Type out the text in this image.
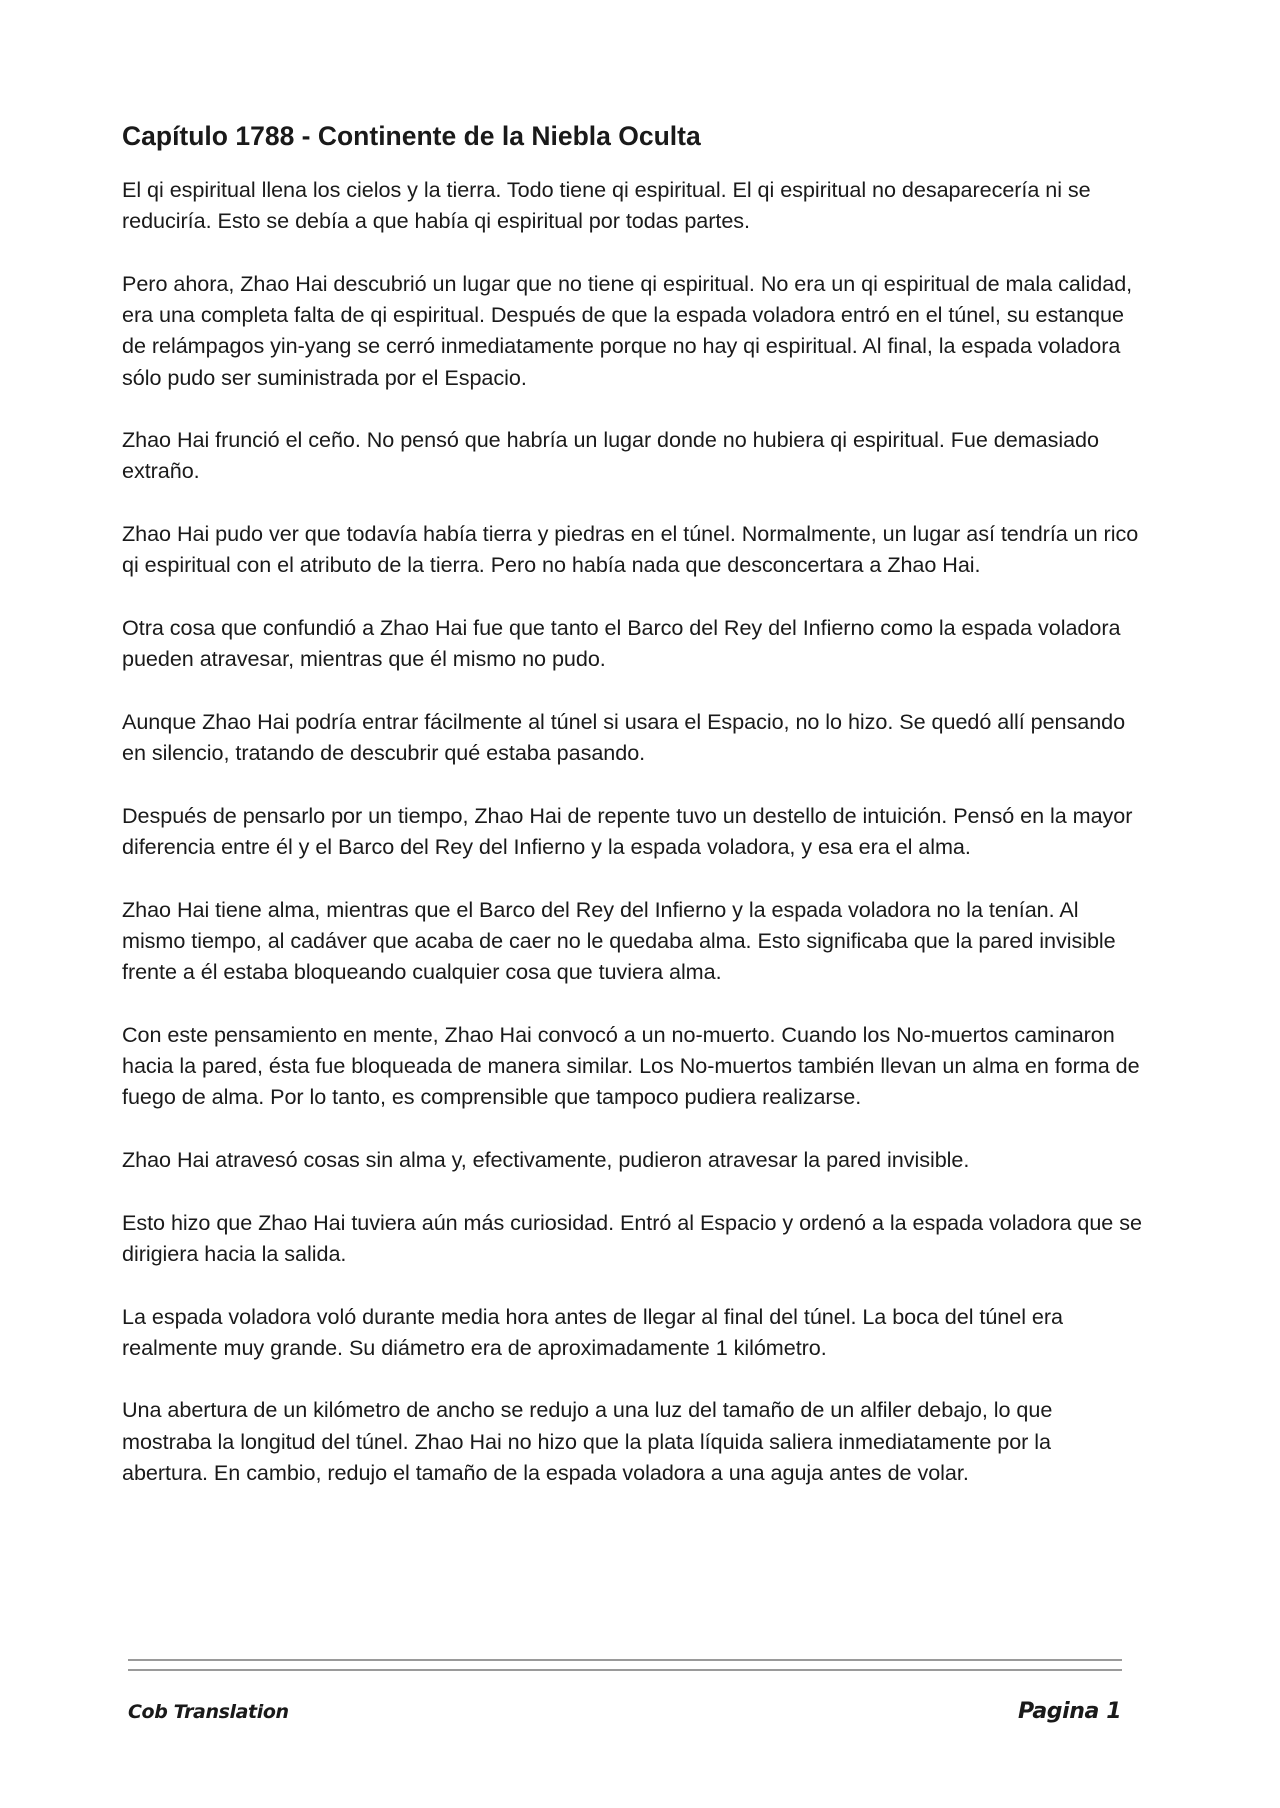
Capítulo 1788 - Continente de la Niebla Oculta

El qi espiritual llena los cielos y la tierra. Todo tiene qi espiritual. El qi espiritual no desaparecería ni se reduciría. Esto se debía a que había qi espiritual por todas partes.

Pero ahora, Zhao Hai descubrió un lugar que no tiene qi espiritual. No era un qi espiritual de mala calidad, era una completa falta de qi espiritual. Después de que la espada voladora entró en el túnel, su estanque de relámpagos yin-yang se cerró inmediatamente porque no hay qi espiritual. Al final, la espada voladora sólo pudo ser suministrada por el Espacio.

Zhao Hai frunció el ceño. No pensó que habría un lugar donde no hubiera qi espiritual. Fue demasiado extraño.

Zhao Hai pudo ver que todavía había tierra y piedras en el túnel. Normalmente, un lugar así tendría un rico qi espiritual con el atributo de la tierra. Pero no había nada que desconcertara a Zhao Hai.

Otra cosa que confundió a Zhao Hai fue que tanto el Barco del Rey del Infierno como la espada voladora pueden atravesar, mientras que él mismo no pudo.

Aunque Zhao Hai podría entrar fácilmente al túnel si usara el Espacio, no lo hizo. Se quedó allí pensando en silencio, tratando de descubrir qué estaba pasando.

Después de pensarlo por un tiempo, Zhao Hai de repente tuvo un destello de intuición. Pensó en la mayor diferencia entre él y el Barco del Rey del Infierno y la espada voladora, y esa era el alma.

Zhao Hai tiene alma, mientras que el Barco del Rey del Infierno y la espada voladora no la tenían. Al mismo tiempo, al cadáver que acaba de caer no le quedaba alma. Esto significaba que la pared invisible frente a él estaba bloqueando cualquier cosa que tuviera alma.

Con este pensamiento en mente, Zhao Hai convocó a un no-muerto. Cuando los No-muertos caminaron hacia la pared, ésta fue bloqueada de manera similar. Los No-muertos también llevan un alma en forma de fuego de alma. Por lo tanto, es comprensible que tampoco pudiera realizarse.

Zhao Hai atravesó cosas sin alma y, efectivamente, pudieron atravesar la pared invisible.

Esto hizo que Zhao Hai tuviera aún más curiosidad. Entró al Espacio y ordenó a la espada voladora que se dirigiera hacia la salida.

La espada voladora voló durante media hora antes de llegar al final del túnel. La boca del túnel era realmente muy grande. Su diámetro era de aproximadamente 1 kilómetro.

Una abertura de un kilómetro de ancho se redujo a una luz del tamaño de un alfiler debajo, lo que mostraba la longitud del túnel. Zhao Hai no hizo que la plata líquida saliera inmediatamente por la abertura. En cambio, redujo el tamaño de la espada voladora a una aguja antes de volar.

Cob Translation	Pagina 1
